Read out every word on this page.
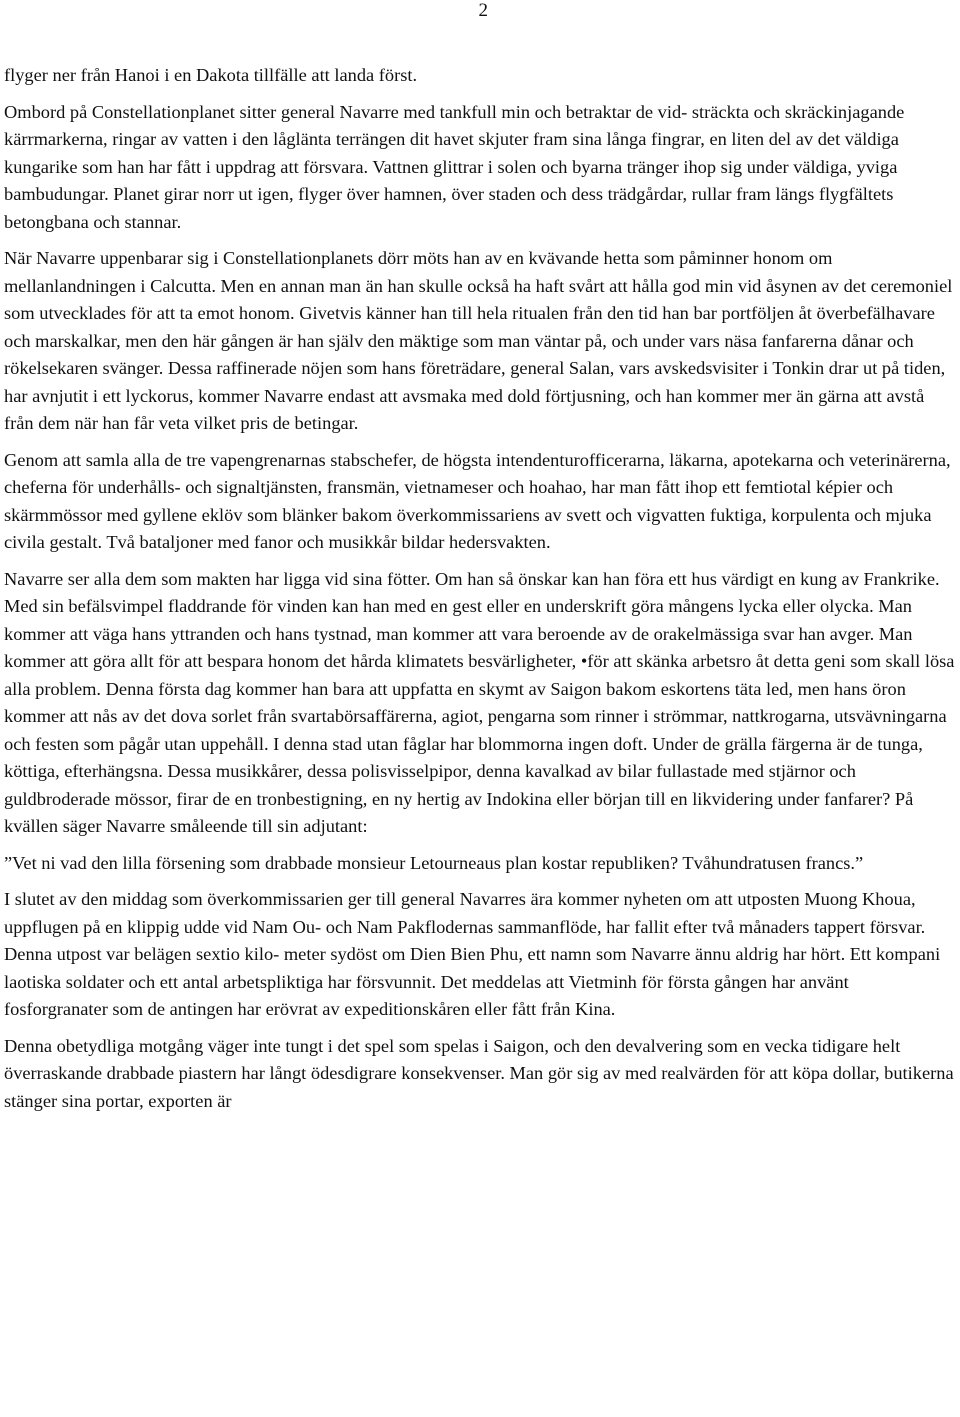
2

flyger ner från Hanoi i en Dakota tillfälle att landa först.

Ombord på Constellationplanet sitter general Navarre med tankfull min och betraktar de vid- sträckta och skräckinjagande kärrmarkerna, ringar av vatten i den låglänta terrängen dit havet skjuter fram sina långa fingrar, en liten del av det väldiga kungarike som han har fått i uppdrag att försvara. Vattnen glittrar i solen och byarna tränger ihop sig under väldiga, yviga bambudungar. Planet girar norr ut igen, flyger över hamnen, över staden och dess trädgårdar, rullar fram längs flygfältets betongbana och stannar.

När Navarre uppenbarar sig i Constellationplanets dörr möts han av en kvävande hetta som påminner honom om mellanlandningen i Calcutta. Men en annan man än han skulle också ha haft svårt att hålla god min vid åsynen av det ceremoniel som utvecklades för att ta emot honom. Givetvis känner han till hela ritualen från den tid han bar portföljen åt överbefälhavare och marskalkar, men den här gången är han själv den mäktige som man väntar på, och under vars näsa fanfarerna dånar och rökelsekaren svänger. Dessa raffinerade nöjen som hans företrädare, general Salan, vars avskedsvisiter i Tonkin drar ut på tiden, har avnjutit i ett lyckorus, kommer Navarre endast att avsmaka med dold förtjusning, och han kommer mer än gärna att avstå från dem när han får veta vilket pris de betingar.

Genom att samla alla de tre vapengrenarnas stabschefer, de högsta intendenturofficerarna, läkarna, apotekarna och veterinärerna, cheferna för underhålls- och signaltjänsten, fransmän, vietnameser och hoahao, har man fått ihop ett femtiotal képier och skärmmössor med gyllene eklöv som blänker bakom överkommissariens av svett och vigvatten fuktiga, korpulenta och mjuka civila gestalt. Två bataljoner med fanor och musikkår bildar hedersvakten.

Navarre ser alla dem som makten har ligga vid sina fötter. Om han så önskar kan han föra ett hus värdigt en kung av Frankrike. Med sin befälsvimpel fladdrande för vinden kan han med en gest eller en underskrift göra mångens lycka eller olycka. Man kommer att väga hans yttranden och hans tystnad, man kommer att vara beroende av de orakelmässiga svar han avger. Man kommer att göra allt för att bespara honom det hårda klimatets besvärligheter, •för att skänka arbetsro åt detta geni som skall lösa alla problem. Denna första dag kommer han bara att uppfatta en skymt av Saigon bakom eskortens täta led, men hans öron kommer att nås av det dova sorlet från svartabörsaffärerna, agiot, pengarna som rinner i strömmar, nattkrogarna, utsvävningarna och festen som pågår utan uppehåll. I denna stad utan fåglar har blommorna ingen doft. Under de grälla färgerna är de tunga, köttiga, efterhängsna. Dessa musikkårer, dessa polisvisselpipor, denna kavalkad av bilar fullastade med stjärnor och guldbroderade mössor, firar de en tronbestigning, en ny hertig av Indokina eller början till en likvidering under fanfarer? På kvällen säger Navarre småleende till sin adjutant:

”Vet ni vad den lilla försening som drabbade monsieur Letourneaus plan kostar republiken? Tvåhundratusen francs.”

I slutet av den middag som överkommissarien ger till general Navarres ära kommer nyheten om att utposten Muong Khoua, uppflugen på en klippig udde vid Nam Ou- och Nam Pakflodernas sammanflöde, har fallit efter två månaders tappert försvar. Denna utpost var belägen sextio kilo- meter sydöst om Dien Bien Phu, ett namn som Navarre ännu aldrig har hört. Ett kompani laotiska soldater och ett antal arbetspliktiga har försvunnit. Det meddelas att Vietminh för första gången har använt fosforgranater som de antingen har erövrat av expeditionskåren eller fått från Kina.

Denna obetydliga motgång väger inte tungt i det spel som spelas i Saigon, och den devalvering som en vecka tidigare helt överraskande drabbade piastern har långt ödesdigrare konsekvenser. Man gör sig av med realvärden för att köpa dollar, butikerna stänger sina portar, exporten är
